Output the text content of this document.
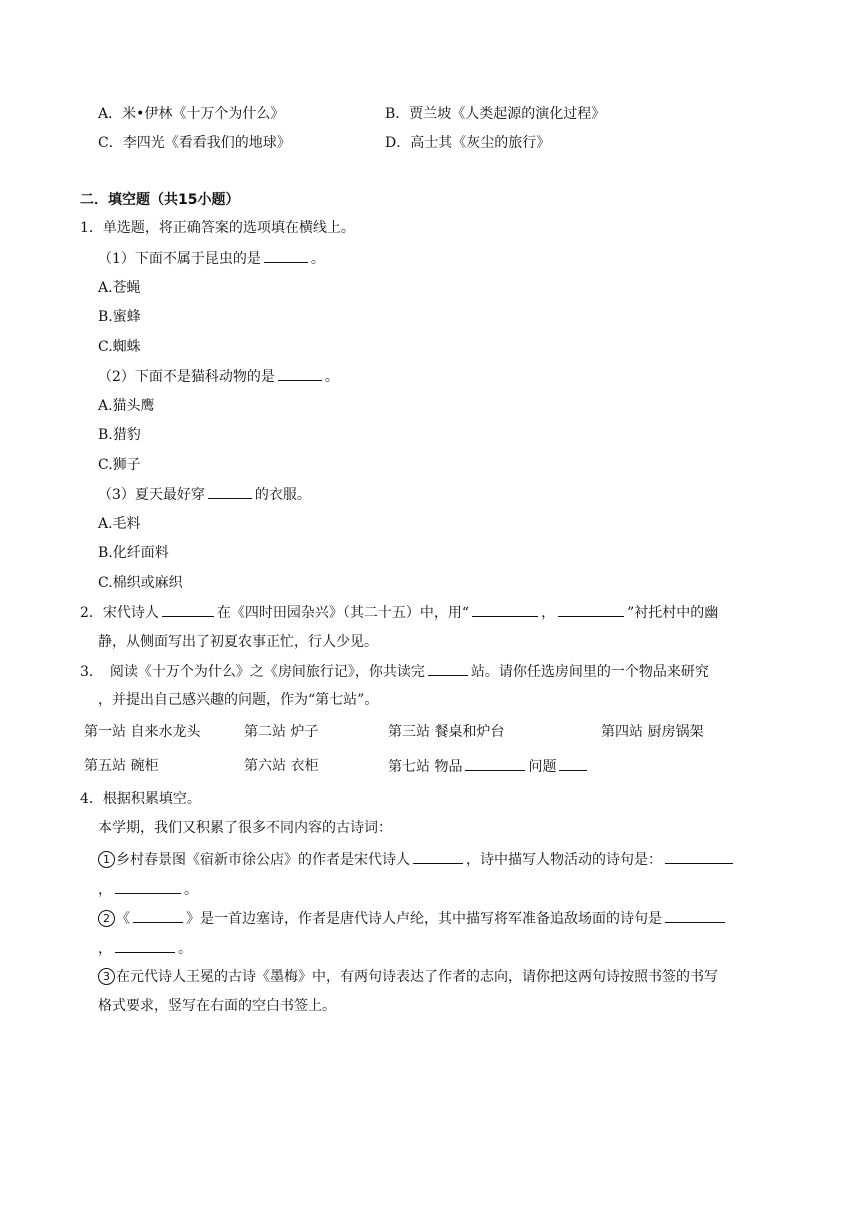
A．米•伊林《十万个为什么》	B．贾兰坡《人类起源的演化过程》
C．李四光《看看我们的地球》	D．高士其《灰尘的旅行》
二．填空题（共15小题）
1．单选题，将正确答案的选项填在横线上。
（1）下面不属于昆虫的是	。
A.苍蝇
B.蜜蜂
C.蜘蛛
（2）下面不是猫科动物的是	。
A.猫头鹰
B.猎豹
C.狮子
（3）夏天最好穿	的衣服。
A.毛料
B.化纤面料
C.棉织或麻织
2．宋代诗人	在《四时田园杂兴》（其二十五）中，用“	，	”衬托村中的幽
静，从侧面写出了初夏农事正忙，行人少见。
3．　阅读《十万个为什么》之《房间旅行记》，你共读完	站。请你任选房间里的一个物品来研究
，并提出自己感兴趣的问题，作为“第七站”。
第一站 自来水龙头	第二站 炉子	第三站 餐桌和炉台	第四站 厨房锅架
第五站 碗柜	第六站 衣柜	第七站 物品	问题
4．根据积累填空。
本学期，我们又积累了很多不同内容的古诗词：
1 乡村春景图《宿新市徐公店》的作者是宋代诗人	，诗中描写人物活动的诗句是：
，	。
2 《	》是一首边塞诗，作者是唐代诗人卢纶，其中描写将军准备追敌场面的诗句是
，	。
3 在元代诗人王冕的古诗《墨梅》中，有两句诗表达了作者的志向，请你把这两句诗按照书签的书写
格式要求，竖写在右面的空白书签上。
